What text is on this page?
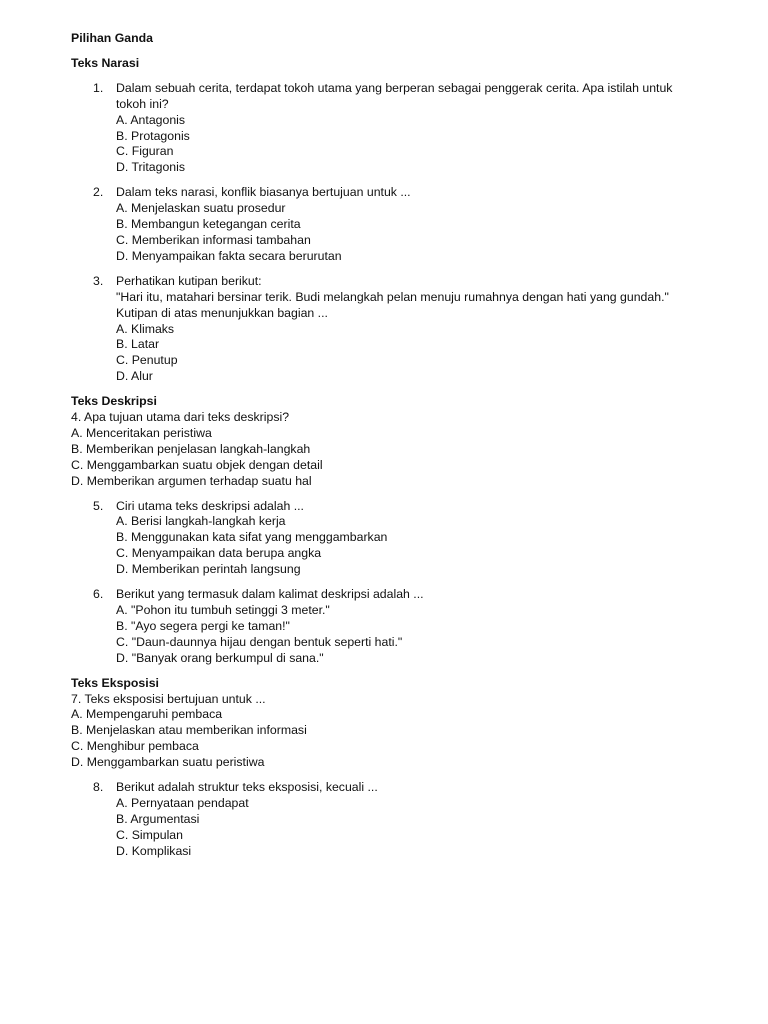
Pilihan Ganda

Teks Narasi

1. Dalam sebuah cerita, terdapat tokoh utama yang berperan sebagai penggerak cerita. Apa istilah untuk
tokoh ini?
A. Antagonis
B. Protagonis
C. Figuran
D. Tritagonis
2. Dalam teks narasi, konflik biasanya bertujuan untuk ...
A. Menjelaskan suatu prosedur
B. Membangun ketegangan cerita
C. Memberikan informasi tambahan
D. Menyampaikan fakta secara berurutan
3. Perhatikan kutipan berikut:
"Hari itu, matahari bersinar terik. Budi melangkah pelan menuju rumahnya dengan hati yang gundah."
Kutipan di atas menunjukkan bagian ...
A. Klimaks
B. Latar
C. Penutup
D. Alur

Teks Deskripsi

4. Apa tujuan utama dari teks deskripsi?
A. Menceritakan peristiwa
B. Memberikan penjelasan langkah-langkah
C. Menggambarkan suatu objek dengan detail
D. Memberikan argumen terhadap suatu hal
5. Ciri utama teks deskripsi adalah ...
A. Berisi langkah-langkah kerja
B. Menggunakan kata sifat yang menggambarkan
C. Menyampaikan data berupa angka
D. Memberikan perintah langsung
6. Berikut yang termasuk dalam kalimat deskripsi adalah ...
A. "Pohon itu tumbuh setinggi 3 meter."
B. "Ayo segera pergi ke taman!"
C. "Daun-daunnya hijau dengan bentuk seperti hati."
D. "Banyak orang berkumpul di sana."

Teks Eksposisi

7. Teks eksposisi bertujuan untuk ...
A. Mempengaruhi pembaca
B. Menjelaskan atau memberikan informasi
C. Menghibur pembaca
D. Menggambarkan suatu peristiwa
8. Berikut adalah struktur teks eksposisi, kecuali ...
A. Pernyataan pendapat
B. Argumentasi
C. Simpulan
D. Komplikasi
